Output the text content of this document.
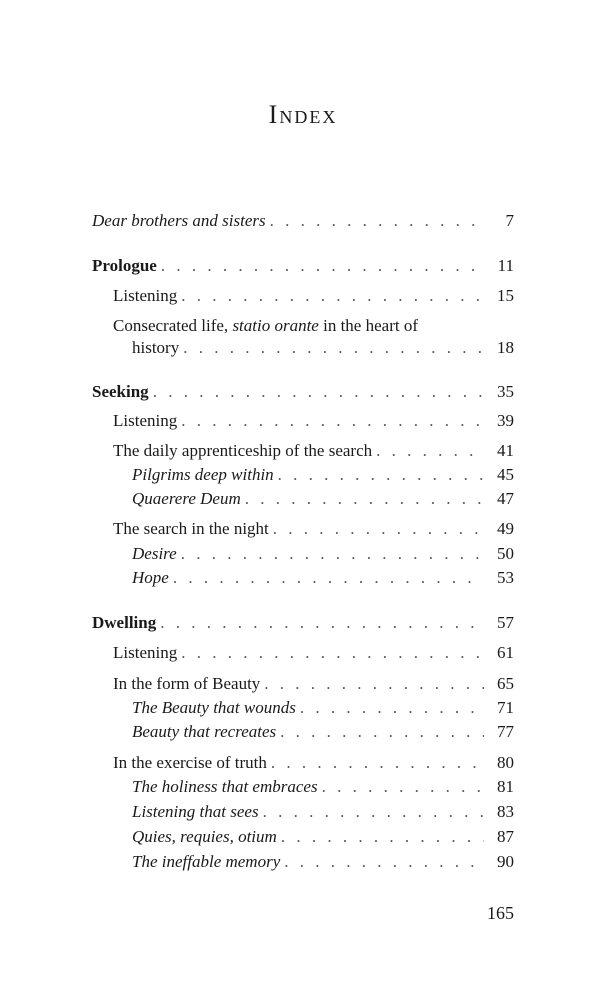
Index
Dear brothers and sisters . . .	7
Prologue . . .	11
Listening . . .	15
Consecrated life, statio orante in the heart of
history . . .	18
Seeking . . .	35
Listening . . .	39
The daily apprenticeship of the search . . .	41
Pilgrims deep within . . .	45
Quaerere Deum . . .	47
The search in the night . . .	49
Desire . . .	50
Hope . . .	53
Dwelling . . .	57
Listening . . .	61
In the form of Beauty . . .	65
The Beauty that wounds . . .	71
Beauty that recreates . . .	77
In the exercise of truth . . .	80
The holiness that embraces . . .	81
Listening that sees . . .	83
Quies, requies, otium . . .	87
The ineffable memory . . .	90
165
